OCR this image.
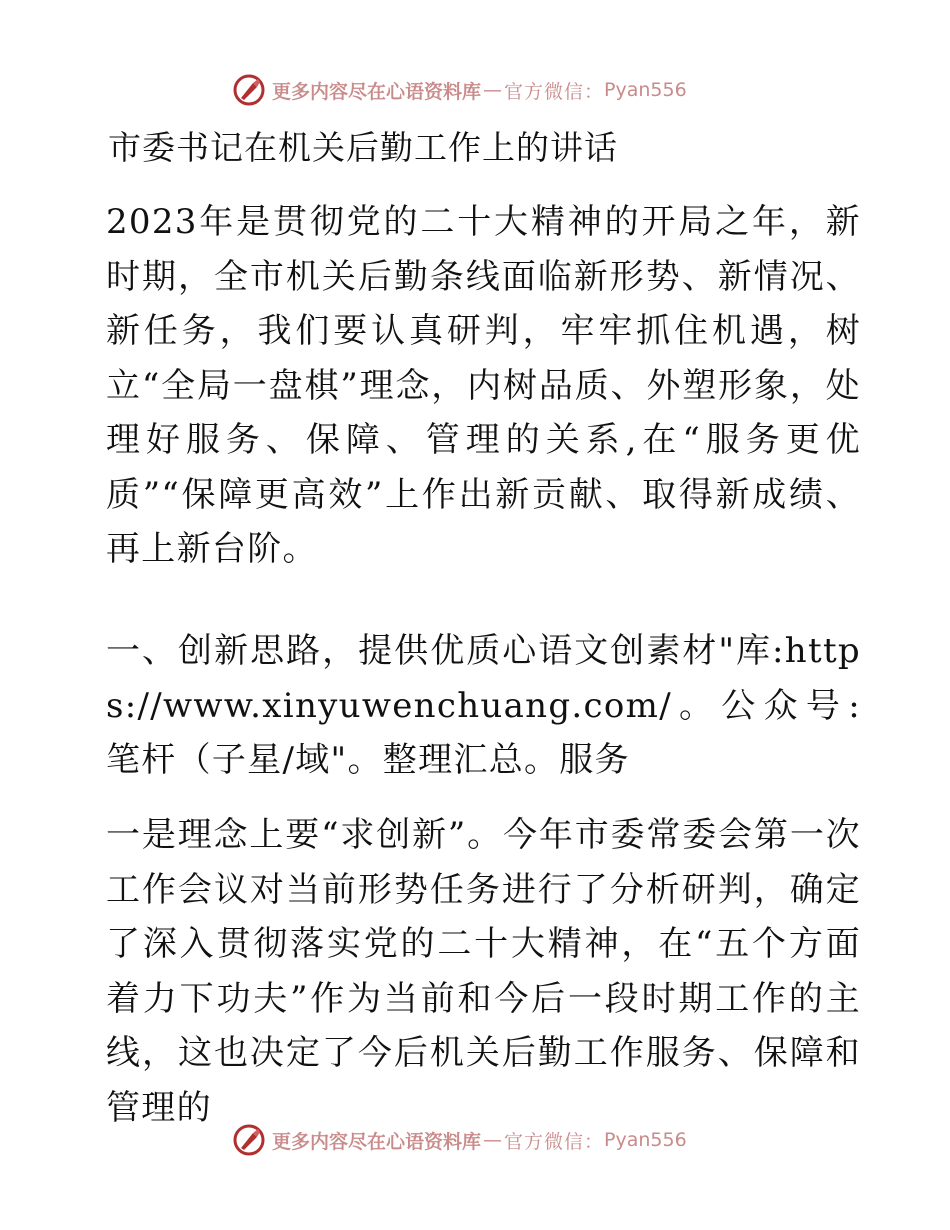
更多内容尽在心语资料库 — 官方微信： Pyan556
市委书记在机关后勤工作上的讲话

2023年是贯彻党的二十大精神的开局之年，新时期，全市机关后勤条线面临新形势、新情况、新任务，我们要认真研判，牢牢抓住机遇，树立“全局一盘棋”理念，内树品质、外塑形象，处理好服务、保障、管理的关系,在“服务更优质”“保障更高效”上作出新贡献、取得新成绩、再上新台阶。

一、创新思路，提供优质心语文创素材"库:https://www.xinyuwenchuang.com/。公众号: 笔杆（子星/域"。整理汇总。服务

一是理念上要“求创新”。今年市委常委会第一次工作会议对当前形势任务进行了分析研判，确定了深入贯彻落实党的二十大精神，在“五个方面着力下功夫”作为当前和今后一段时期工作的主线，这也决定了今后机关后勤工作服务、保障和管理的

更多内容尽在心语资料库 — 官方微信： Pyan556
